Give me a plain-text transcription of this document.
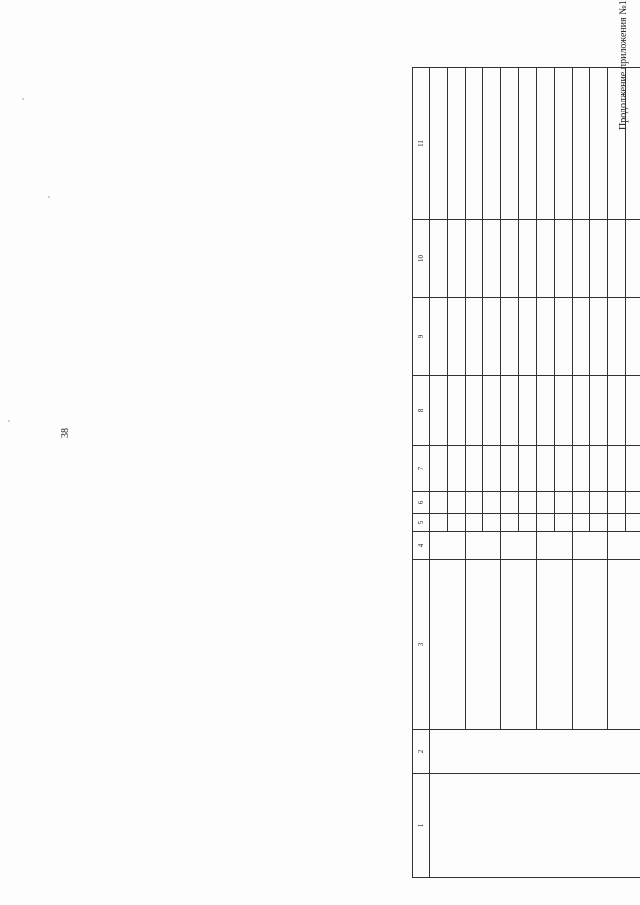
38
Продолжение приложения №1
1	2	3	4	5	6	7	8	9	10	11
